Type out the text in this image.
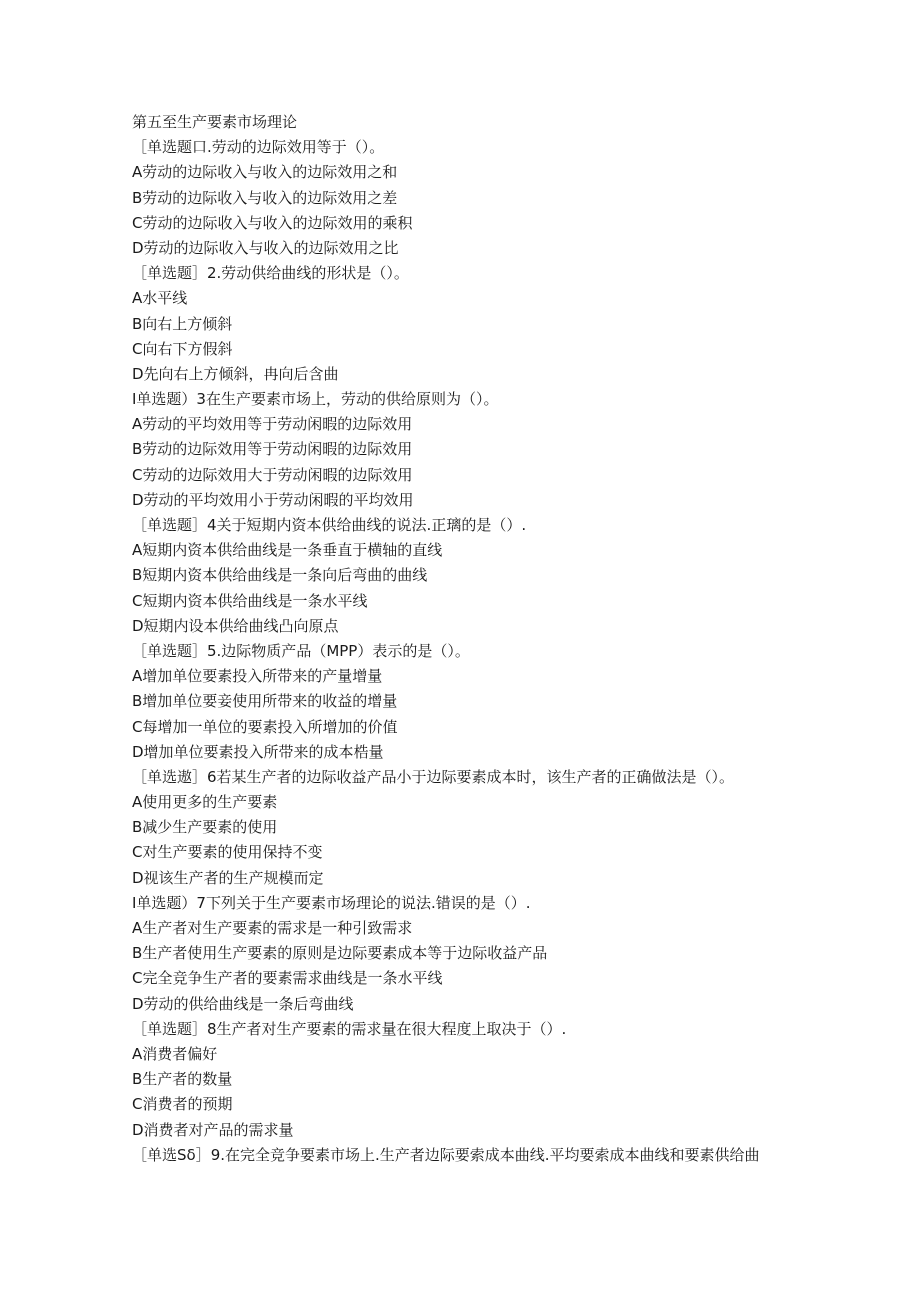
第五至生产要素市场理论
［单选题口.劳动的边际效用等于（）。
A劳动的边际收入与收入的边际效用之和
B劳动的边际收入与收入的边际效用之差
C劳动的边际收入与收入的边际效用的乘积
D劳动的边际收入与收入的边际效用之比
［单选题］2.劳动供给曲线的形状是（）。
A水平线
B向右上方倾斜
C向右下方假斜
D先向右上方倾斜，冉向后含曲
I单选题）3在生产要素市场上，劳动的供给原则为（）。
A劳动的平均效用等于劳动闲暇的边际效用
B劳动的边际效用等于劳动闲暇的边际效用
C劳动的边际效用大于劳动闲暇的边际效用
D劳动的平均效用小于劳动闲暇的平均效用
［单选题］4关于短期内资本供给曲线的说法.正璃的是（）.
A短期内资本供给曲线是一条垂直于横轴的直线
B短期内资本供给曲线是一条向后弯曲的曲线
C短期内资本供给曲线是一条水平线
D短期内设本供给曲线凸向原点
［单选题］5.边际物质产品（MPP）表示的是（）。
A增加单位要素投入所带来的产量增量
B增加单位要妾使用所带来的收益的增量
C每增加一单位的要素投入所增加的价值
D增加单位要素投入所带来的成本梏量
［单选遨］6若某生产者的边际收益产品小于边际要素成本时，该生产者的正确做法是（）。
A使用更多的生产要素
B减少生产要素的使用
C对生产要素的使用保持不变
D视该生产者的生产规模而定
I单选题）7下列关于生产要素市场理论的说法.错误的是（）.
A生产者对生产要素的需求是一种引致需求
B生产者使用生产要素的原则是边际要素成本等于边际收益产品
C完全竞争生产者的要素需求曲线是一条水平线
D劳动的供给曲线是一条后弯曲线
［单选题］8生产者对生产要素的需求量在很大程度上取决于（）.
A消费者偏好
B生产者的数量
C消费者的预期
D消费者对产品的需求量
［单选Sδ］9.在完全竞争要素市场上.生产者边际要索成本曲线.平均要索成本曲线和要素供给曲
